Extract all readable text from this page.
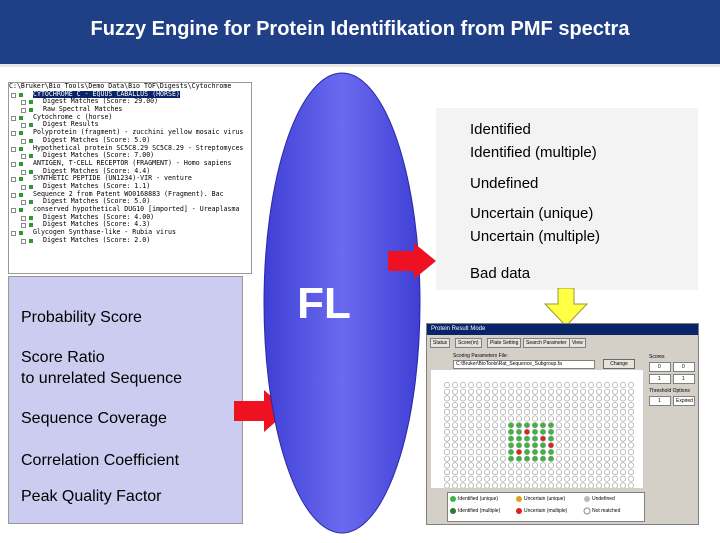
Fuzzy Engine for Protein Identifikation from PMF spectra
C:\Bruker\Bio Tools\Demo Data\Bio TOF\Digests\Cytochrome
CYTOCHROME C - EQUUS CABALLUS (HORSE)
Digest Matches (Score: 29.00)
Raw Spectral Matches
Cytochrome c (horse)
Digest Results
Polyprotein (fragment) - zucchini yellow mosaic virus
Digest Matches (Score: 5.0)
Hypothetical protein SC5C8.29 SC5C8.29 - Streptomyces
Digest Matches (Score: 7.00)
ANTIGEN, T-CELL RECEPTOR (FRAGMENT) - Homo sapiens
Digest Matches (Score: 4.4)
SYNTHETIC PEPTIDE (UN1234)-VIR - venture
Digest Matches (Score: 1.1)
Sequence 2 from Patent WO0168883 (Fragment). Bac
Digest Matches (Score: 5.0)
conserved hypothetical DUG10 [imported] - Ureaplasma
Digest Matches (Score: 4.00)
Digest Matches (Score: 4.3)
Glycogen Synthase-like - Rubia virus
Digest Matches (Score: 2.0)
Probability Score
Score Ratio
to unrelated Sequence
Sequence Coverage
Correlation Coefficient
Peak Quality Factor
FL
Identified
Identified (multiple)
Undefined
Uncertain (unique)
Uncertain (multiple)
Bad data
Protein Result Mode
Status	Score(m)	Plate Setting	Search Parameter	View
Scoring Parameters File:
C:\Bruker\BioTools\Rat_Sequence_Subgroup.fa	Change
Scores
0	0
1	1
Threshold Options
1	Expired
Identified (unique)	Uncertain (unique)	Undefined
Identified (multiple)	Uncertain (multiple)	Not matched
